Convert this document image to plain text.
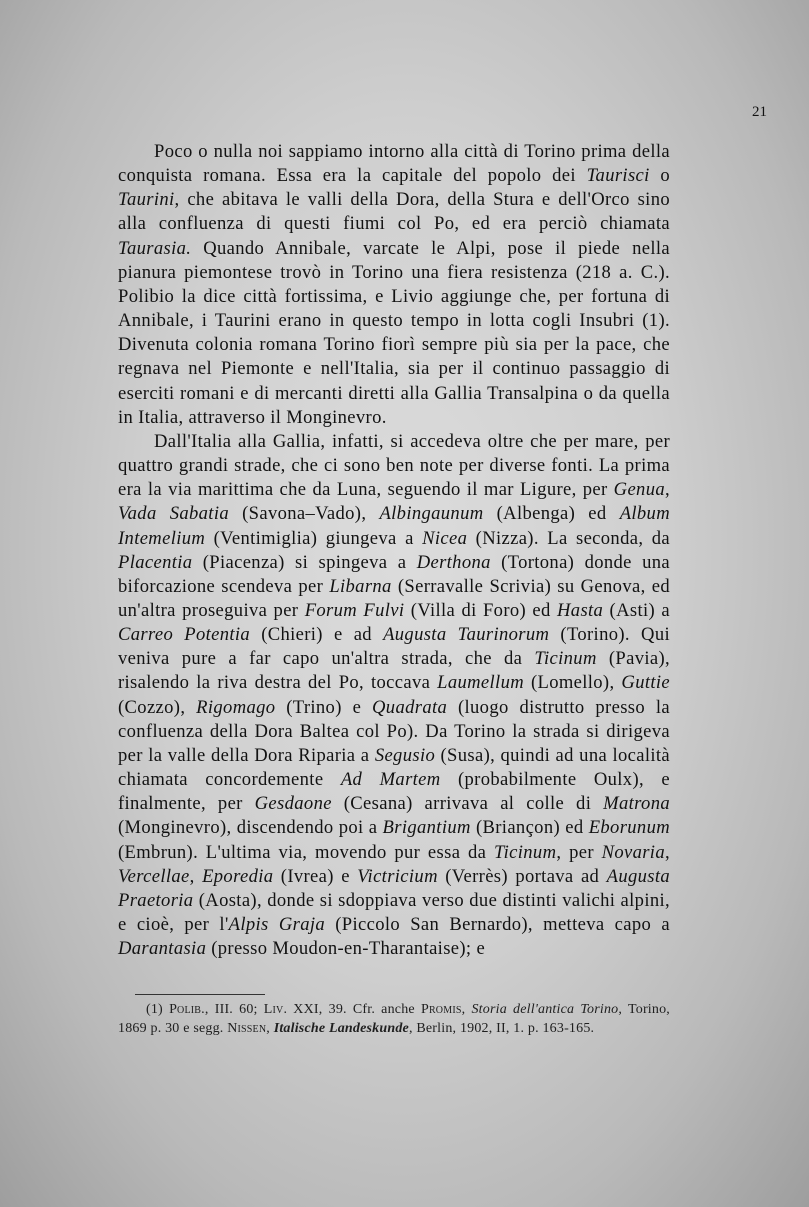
21

Poco o nulla noi sappiamo intorno alla città di Torino prima della conquista romana. Essa era la capitale del popolo dei Taurisci o Taurini, che abitava le valli della Dora, della Stura e dell'Orco sino alla confluenza di questi fiumi col Po, ed era perciò chiamata Taurasia. Quando Annibale, varcate le Alpi, pose il piede nella pianura piemontese trovò in Torino una fiera resistenza (218 a. C.). Polibio la dice città fortissima, e Livio aggiunge che, per fortuna di Annibale, i Taurini erano in questo tempo in lotta cogli Insubri (1). Divenuta colonia romana Torino fiorì sempre più sia per la pace, che regnava nel Piemonte e nell'Italia, sia per il continuo passaggio di eserciti romani e di mercanti diretti alla Gallia Transalpina o da quella in Italia, attraverso il Monginevro.

Dall'Italia alla Gallia, infatti, si accedeva oltre che per mare, per quattro grandi strade, che ci sono ben note per diverse fonti. La prima era la via marittima che da Luna, seguendo il mar Ligure, per Genua, Vada Sabatia (Savona–Vado), Albingaunum (Albenga) ed Album Intemelium (Ventimiglia) giungeva a Nicea (Nizza). La seconda, da Placentia (Piacenza) si spingeva a Derthona (Tortona) donde una biforcazione scendeva per Libarna (Serravalle Scrivia) su Genova, ed un'altra proseguiva per Forum Fulvi (Villa di Foro) ed Hasta (Asti) a Carreo Potentia (Chieri) e ad Augusta Taurinorum (Torino). Qui veniva pure a far capo un'altra strada, che da Ticinum (Pavia), risalendo la riva destra del Po, toccava Laumellum (Lomello), Guttie (Cozzo), Rigomago (Trino) e Quadrata (luogo distrutto presso la confluenza della Dora Baltea col Po). Da Torino la strada si dirigeva per la valle della Dora Riparia a Segusio (Susa), quindi ad una località chiamata concordemente Ad Martem (probabilmente Oulx), e finalmente, per Gesdaone (Cesana) arrivava al colle di Matrona (Monginevro), discendendo poi a Brigantium (Briançon) ed Eborunum (Embrun). L'ultima via, movendo pur essa da Ticinum, per Novaria, Vercellae, Eporedia (Ivrea) e Victricium (Verrès) portava ad Augusta Praetoria (Aosta), donde si sdoppiava verso due distinti valichi alpini, e cioè, per l'Alpis Graja (Piccolo San Bernardo), metteva capo a Darantasia (presso Moudon-en-Tharantaise); e

(1) Polib., III. 60; Liv. XXI, 39. Cfr. anche Promis, Storia dell'antica Torino, Torino, 1869 p. 30 e segg. Nissen, Italische Landeskunde, Berlin, 1902, II, 1. p. 163-165.
